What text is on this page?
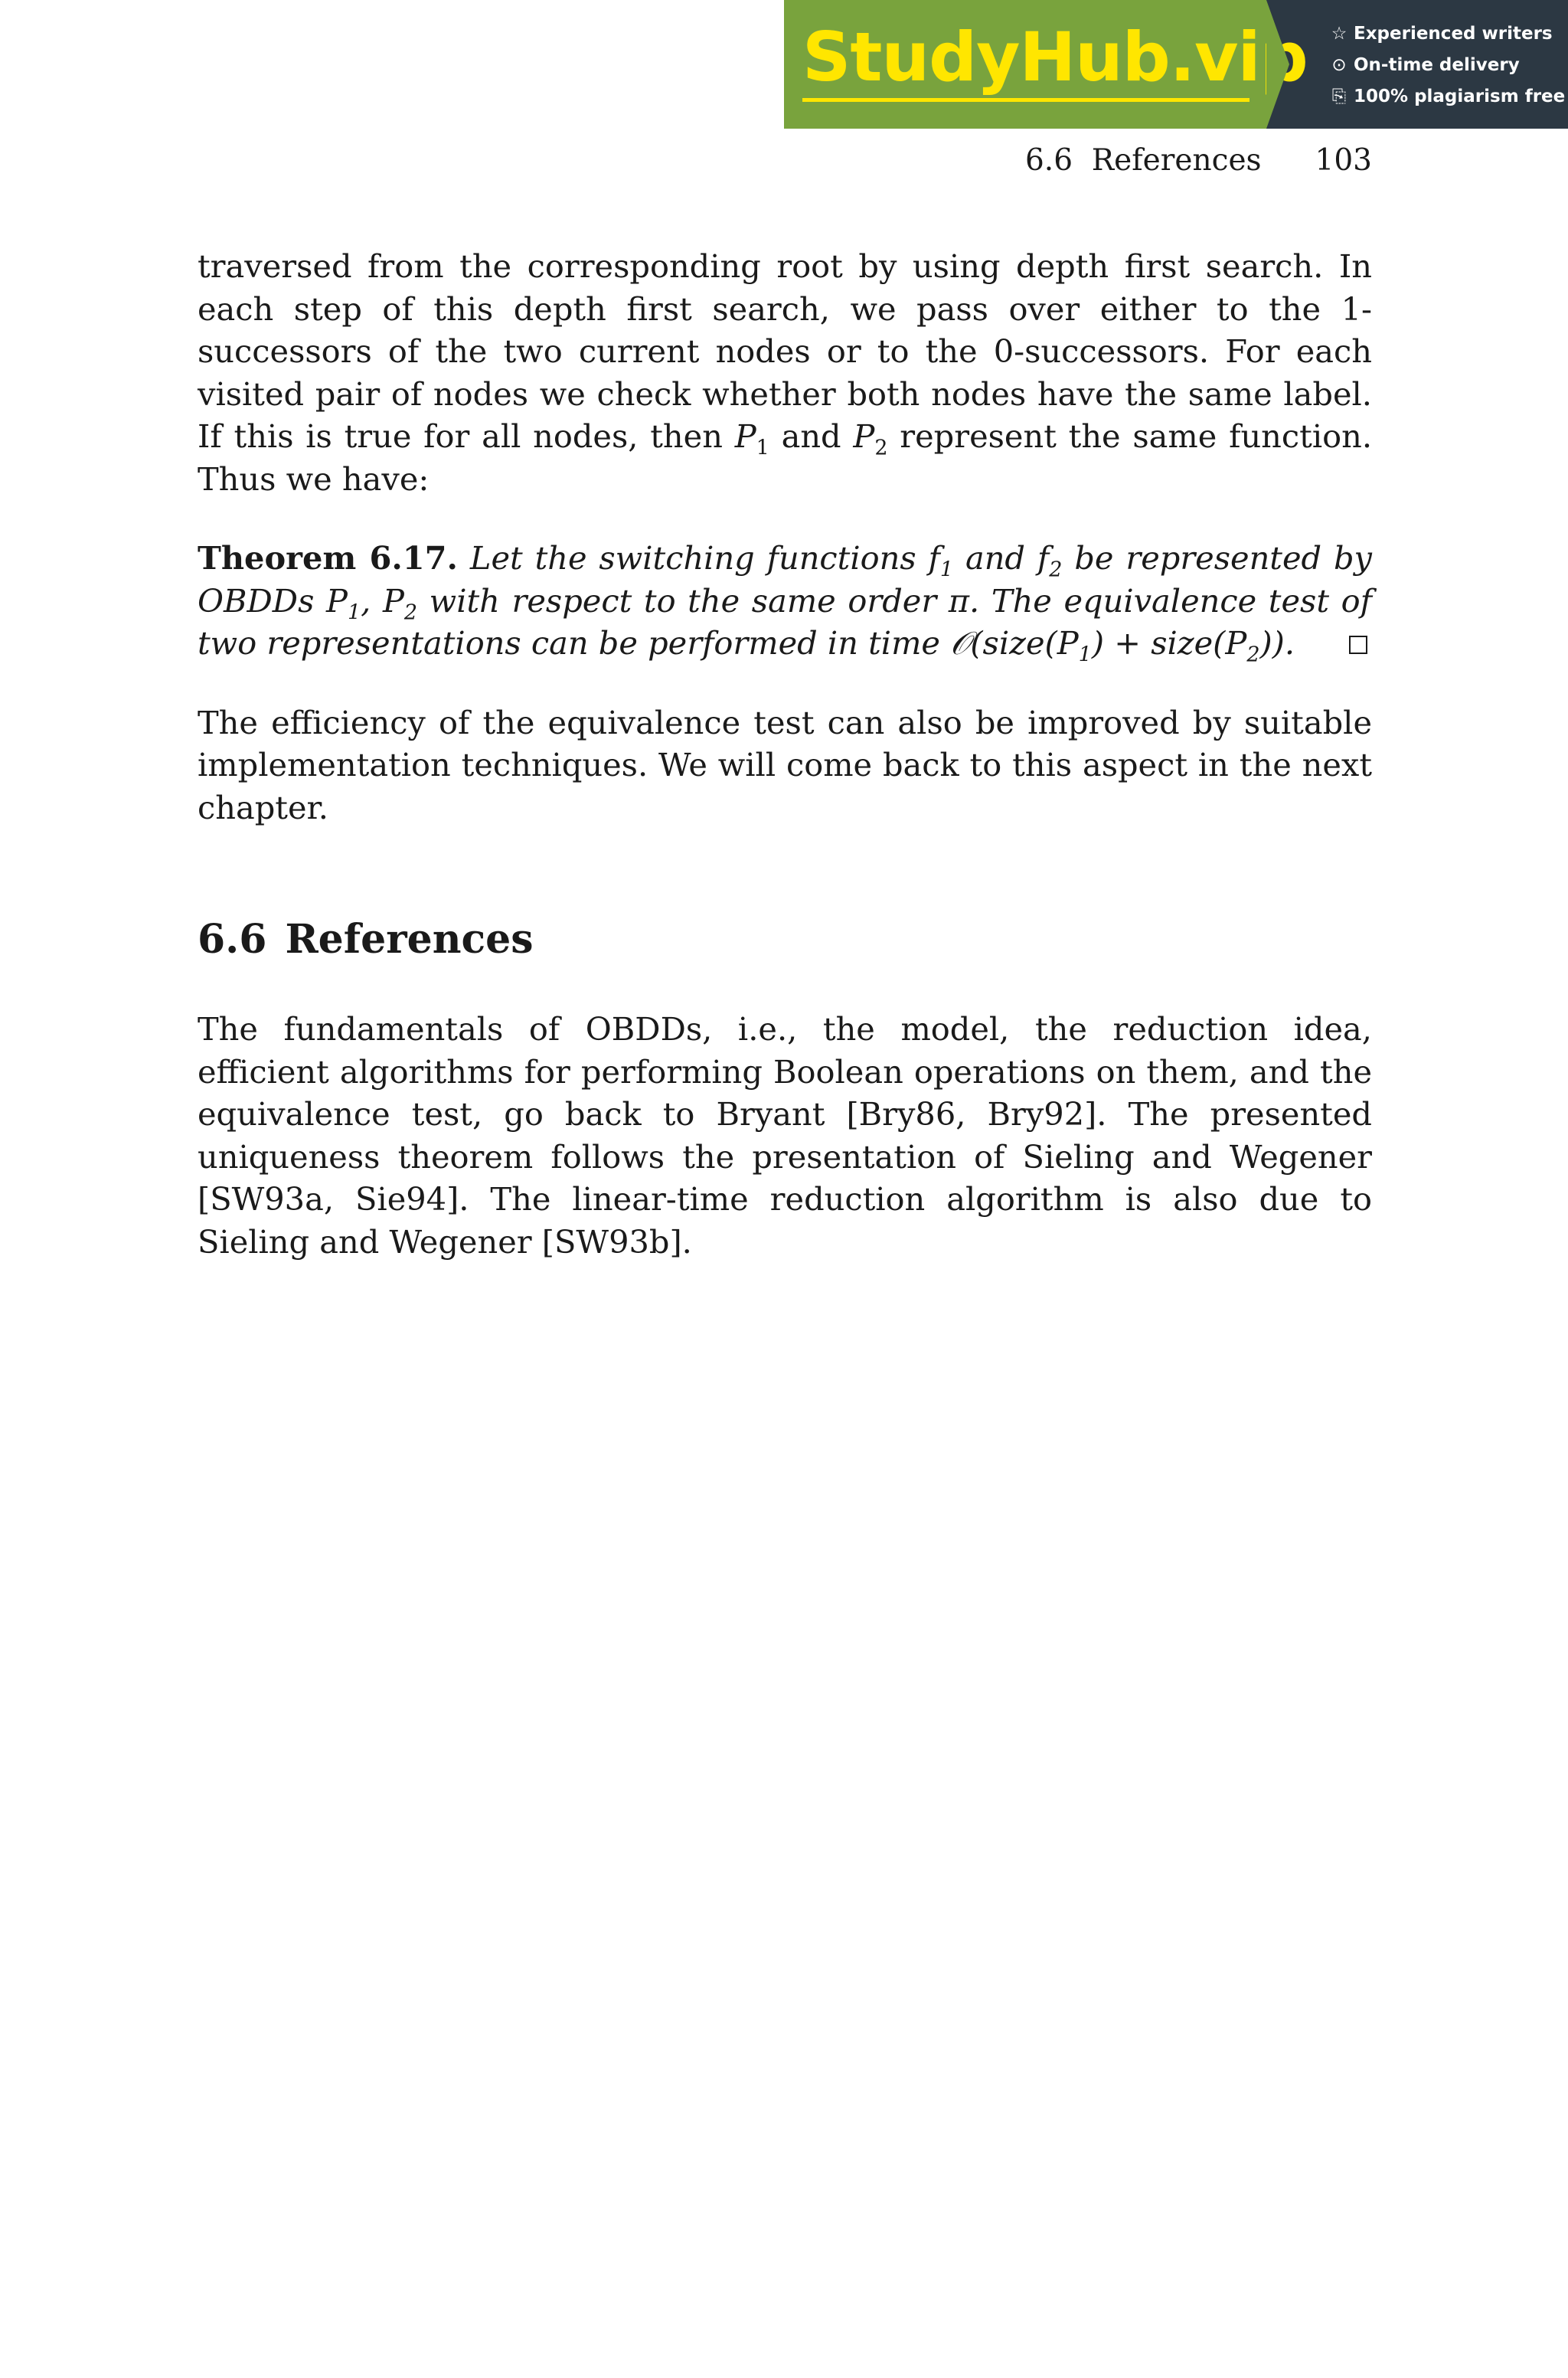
StudyHub.vip ☆ Experienced writers
⊙ On-time delivery
⎘ 100% plagiarism free
6.6  References 103

traversed from the corresponding root by using depth first search. In each step of this depth first search, we pass over either to the 1-successors of the two current nodes or to the 0-successors. For each visited pair of nodes we check whether both nodes have the same label. If this is true for all nodes, then $P_1$ and $P_2$ represent the same function. Thus we have:

Theorem 6.17. Let the switching functions $f_1$ and $f_2$ be represented by OBDDs $P_1$, $P_2$ with respect to the same order π. The equivalence test of two representations can be performed in time $𝒪(size(P_1)$ + $size(P_2)$).

The efficiency of the equivalence test can also be improved by suitable implementation techniques. We will come back to this aspect in the next chapter.

6.6 References

The fundamentals of OBDDs, i.e., the model, the reduction idea, efficient algorithms for performing Boolean operations on them, and the equivalence test, go back to Bryant [Bry86, Bry92]. The presented uniqueness theorem follows the presentation of Sieling and Wegener [SW93a, Sie94]. The linear-time reduction algorithm is also due to Sieling and Wegener [SW93b].
